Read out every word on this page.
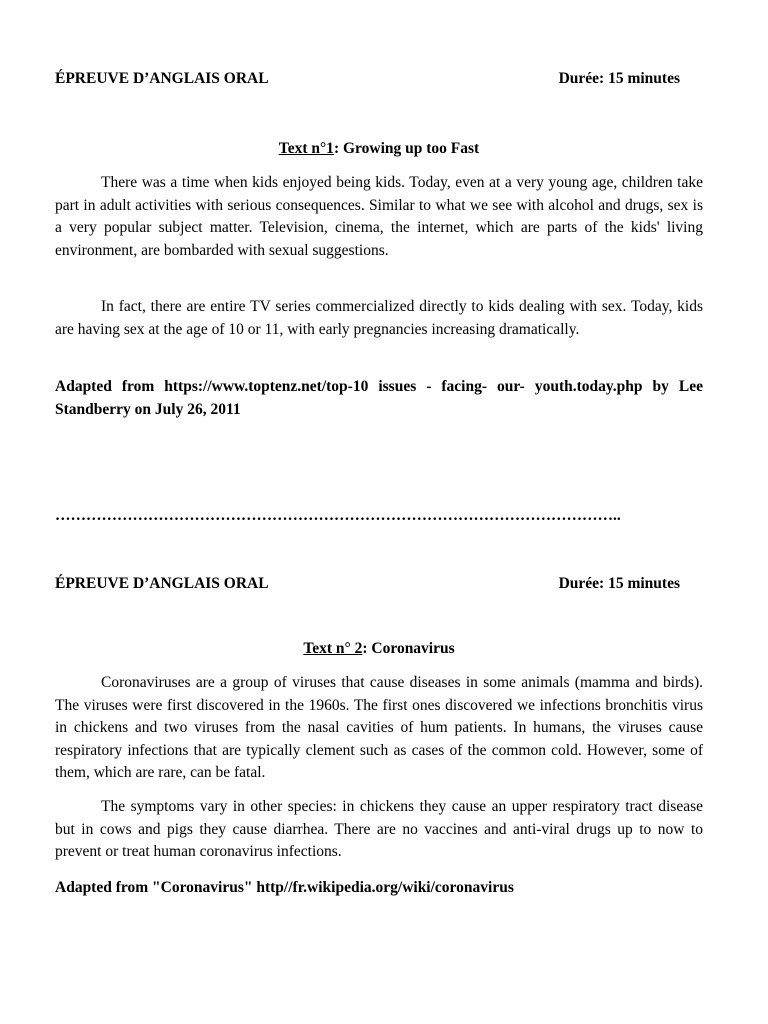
ÉPREUVE D’ANGLAIS ORAL	Durée: 15 minutes
Text n°1: Growing up too Fast

There was a time when kids enjoyed being kids. Today, even at a very young age, children take part in adult activities with serious consequences. Similar to what we see with alcohol and drugs, sex is a very popular subject matter. Television, cinema, the internet, which are parts of the kids' living environment, are bombarded with sexual suggestions.

In fact, there are entire TV series commercialized directly to kids dealing with sex. Today, kids are having sex at the age of 10 or 11, with early pregnancies increasing dramatically.

Adapted from https://www.toptenz.net/top-10 issues - facing- our- youth.today.php by Lee Standberry on July 26, 2011

………………………………………………………………………………………………..
ÉPREUVE D’ANGLAIS ORAL	Durée: 15 minutes
Text n° 2: Coronavirus

Coronaviruses are a group of viruses that cause diseases in some animals (mamma and birds). The viruses were first discovered in the 1960s. The first ones discovered we infections bronchitis virus in chickens and two viruses from the nasal cavities of hum patients. In humans, the viruses cause respiratory infections that are typically clement such as cases of the common cold. However, some of them, which are rare, can be fatal.

The symptoms vary in other species: in chickens they cause an upper respiratory tract disease but in cows and pigs they cause diarrhea. There are no vaccines and anti-viral drugs up to now to prevent or treat human coronavirus infections.

Adapted from "Coronavirus" http//fr.wikipedia.org/wiki/coronavirus
